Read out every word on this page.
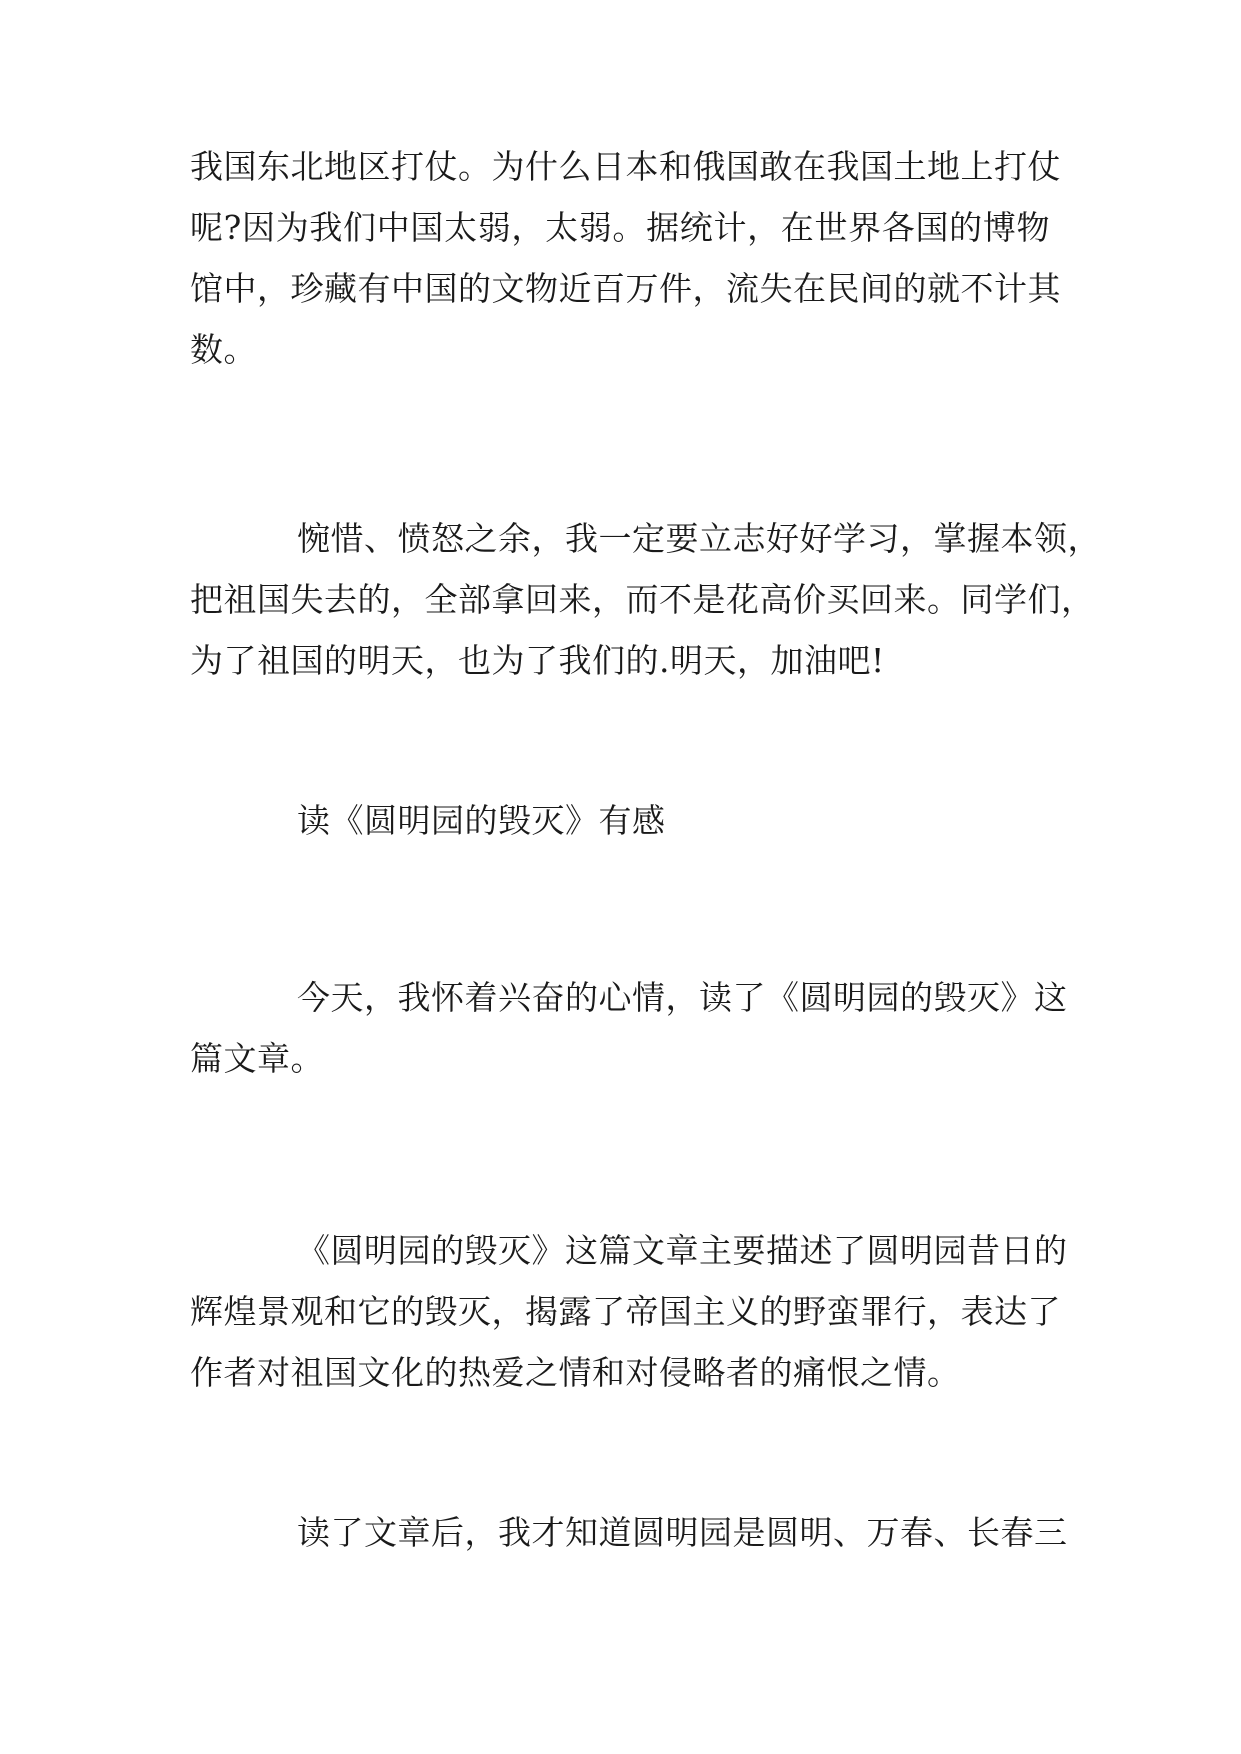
我国东北地区打仗。为什么日本和俄国敢在我国土地上打仗
呢?因为我们中国太弱，太弱。据统计，在世界各国的博物
馆中，珍藏有中国的文物近百万件，流失在民间的就不计其
数。
惋惜、愤怒之余，我一定要立志好好学习，掌握本领，
把祖国失去的，全部拿回来，而不是花高价买回来。同学们，
为了祖国的明天，也为了我们的.明天，加油吧!
读《圆明园的毁灭》有感
今天，我怀着兴奋的心情，读了《圆明园的毁灭》这
篇文章。
《圆明园的毁灭》这篇文章主要描述了圆明园昔日的
辉煌景观和它的毁灭，揭露了帝国主义的野蛮罪行，表达了
作者对祖国文化的热爱之情和对侵略者的痛恨之情。
读了文章后，我才知道圆明园是圆明、万春、长春三
